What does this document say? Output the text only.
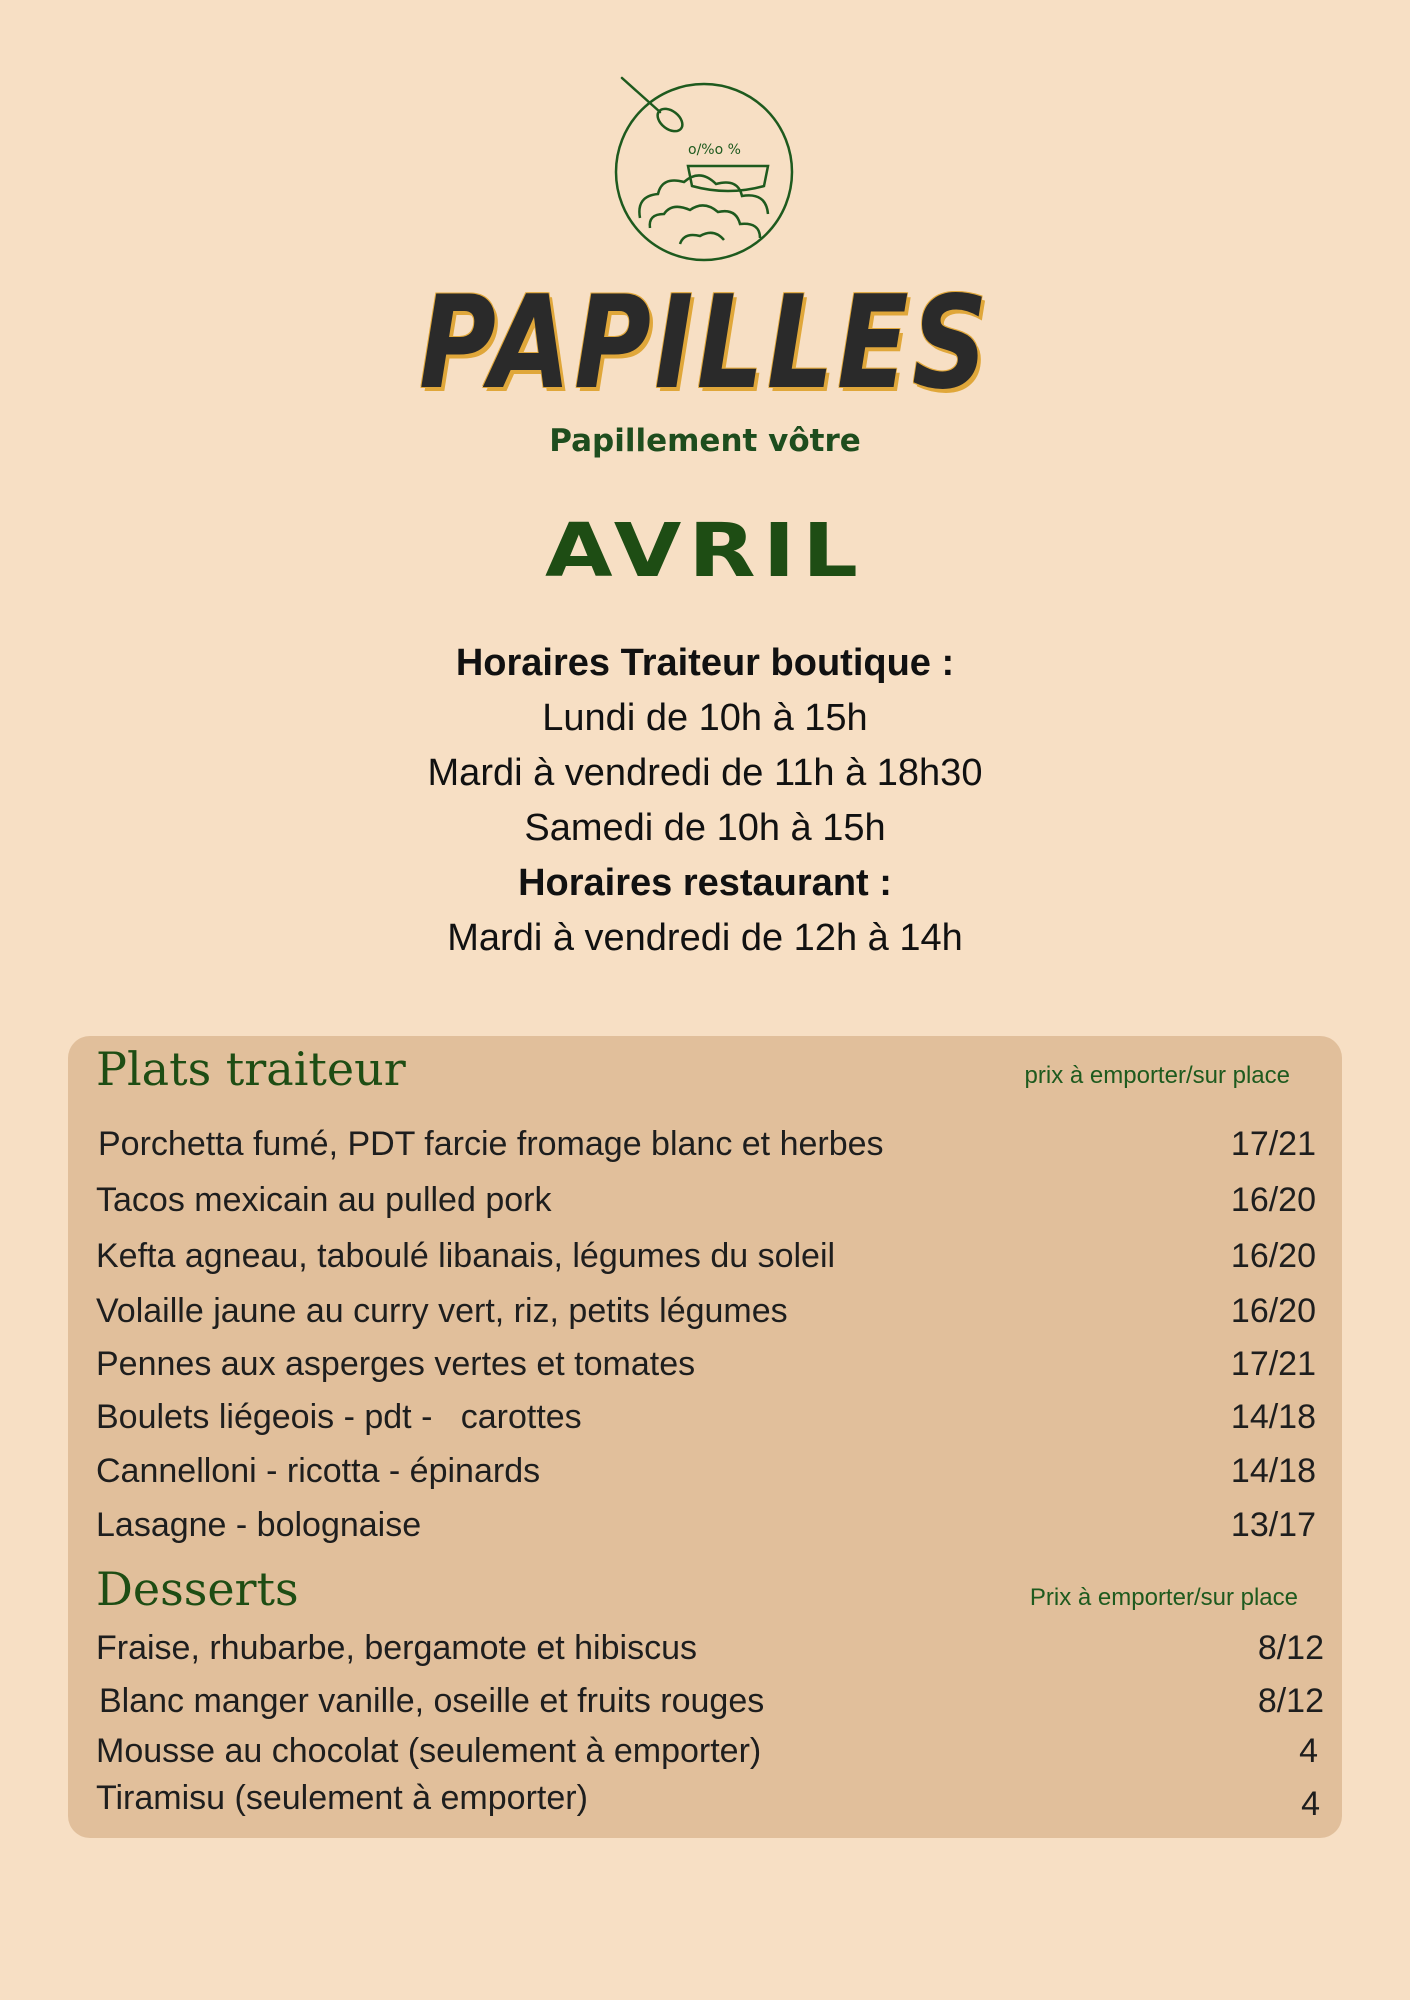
o/%o %
PAPILLES
Papillement vôtre
AVRIL
Horaires Traiteur boutique :
Lundi de 10h à 15h
Mardi à vendredi de 11h à 18h30
Samedi de 10h à 15h
Horaires restaurant :
Mardi à vendredi de 12h à 14h
Plats traiteur	prix à emporter/sur place
Porchetta fumé, PDT farcie fromage blanc et herbes	17/21
Tacos mexicain au pulled pork	16/20
Kefta agneau, taboulé libanais, légumes du soleil	16/20
Volaille jaune au curry vert, riz, petits légumes	16/20
Pennes aux asperges vertes et tomates	17/21
Boulets liégeois - pdt -   carottes	14/18
Cannelloni - ricotta - épinards	14/18
Lasagne - bolognaise	13/17
Desserts	Prix à emporter/sur place
Fraise, rhubarbe, bergamote et hibiscus	8/12
Blanc manger vanille, oseille et fruits rouges	8/12
Mousse au chocolat (seulement à emporter)	4
Tiramisu (seulement à emporter)	4
